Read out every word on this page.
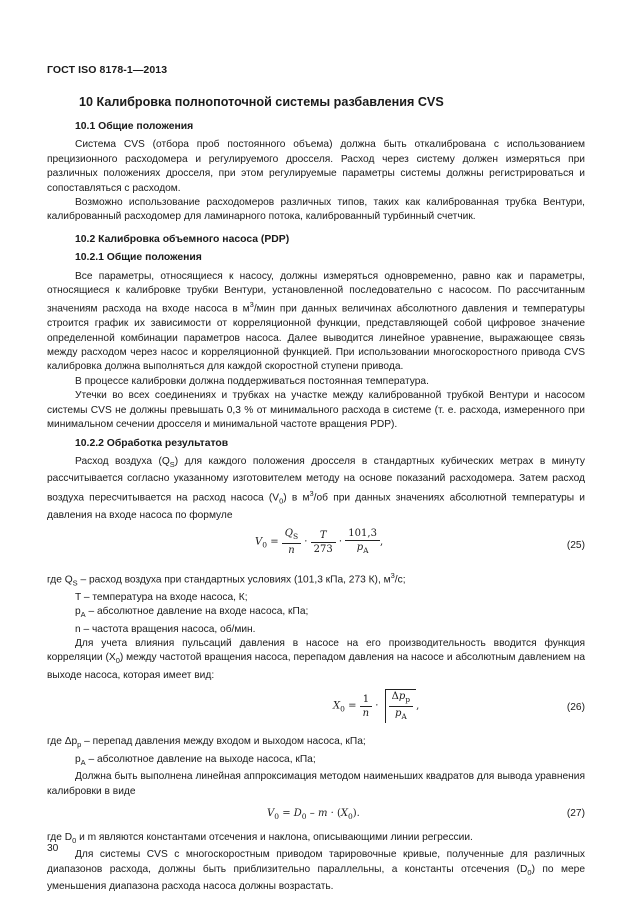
ГОСТ ISO 8178-1—2013
10 Калибровка полнопоточной системы разбавления CVS
10.1 Общие положения

Система CVS (отбора проб постоянного объема) должна быть откалибрована с использованием прецизионного расходомера и регулируемого дросселя. Расход через систему должен измеряться при различных положениях дросселя, при этом регулируемые параметры системы должны регистрироваться и сопоставляться с расходом.

Возможно использование расходомеров различных типов, таких как калиброванная трубка Вентури, калиброванный расходомер для ламинарного потока, калиброванный турбинный счетчик.

10.2 Калибровка объемного насоса (PDP)
10.2.1 Общие положения

Все параметры, относящиеся к насосу, должны измеряться одновременно, равно как и параметры, относящиеся к калибровке трубки Вентури, установленной последовательно с насосом. По рассчитанным значениям расхода на входе насоса в $м^3$/мин при данных величинах абсолютного давления и температуры строится график их зависимости от корреляционной функции, представляющей собой цифровое значение определенной комбинации параметров насоса. Далее выводится линейное уравнение, выражающее связь между расходом через насос и корреляционной функцией. При использовании многоскоростного привода CVS калибровка должна выполняться для каждой скоростной ступени привода.

В процессе калибровки должна поддерживаться постоянная температура.

Утечки во всех соединениях и трубках на участке между калиброванной трубкой Вентури и насосом системы CVS не должны превышать 0,3 % от минимального расхода в системе (т. е. расхода, измеренного при минимальном сечении дросселя и минимальной частоте вращения PDP).

10.2.2 Обработка результатов

Расход воздуха $(Q_S)$ для каждого положения дросселя в стандартных кубических метрах в минуту рассчитывается согласно указанному изготовителем методу на основе показаний расходомера. Затем расход воздуха пересчитывается на расход насоса $(V_0)$ в $м^3/об$ при данных значениях абсолютной температуры и давления на входе насоса по формуле

$V_0 = \frac{Q_S}{n} \cdot \frac{T}{273} \cdot \frac{101,3}{p_A}$ ,	(25)

где $Q_S$ – расход воздуха при стандартных условиях (101,3 кПа, 273 К), $м^3/с$;

T – температура на входе насоса, К;

$p_A$ – абсолютное давление на входе насоса, кПа;

n – частота вращения насоса, об/мин.

Для учета влияния пульсаций давления в насосе на его производительность вводится функция корреляции $(X_0)$ между частотой вращения насоса, перепадом давления на насосе и абсолютным давлением на выходе насоса, которая имеет вид:

$X_0 = \frac{1}{n} \cdot \frac{\Delta p_p}{p_A}$ ,	(26)

где $\Delta p_p$ – перепад давления между входом и выходом насоса, кПа;

$p_A$ – абсолютное давление на выходе насоса, кПа;

Должна быть выполнена линейная аппроксимация методом наименьших квадратов для вывода уравнения калибровки в виде

$V_0 = D_0 - m \cdot (X_0)$.	(27)

где $D_0$ и m являются константами отсечения и наклона, описывающими линии регрессии.

Для системы CVS с многоскоростным приводом тарировочные кривые, полученные для различных диапазонов расхода, должны быть приблизительно параллельны, а константы отсечения $(D_0)$ по мере уменьшения диапазона расхода насоса должны возрастать.

30
